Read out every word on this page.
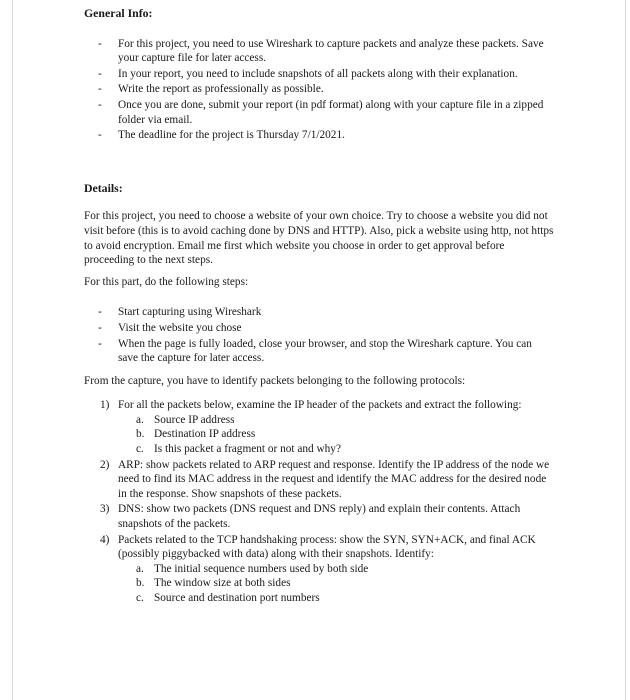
General Info:

- For this project, you need to use Wireshark to capture packets and analyze these packets. Save your capture file for later access.
- In your report, you need to include snapshots of all packets along with their explanation.
- Write the report as professionally as possible.
- Once you are done, submit your report (in pdf format) along with your capture file in a zipped folder via email.
- The deadline for the project is Thursday 7/1/2021.

Details:

For this project, you need to choose a website of your own choice. Try to choose a website you did not visit before (this is to avoid caching done by DNS and HTTP). Also, pick a website using http, not https to avoid encryption. Email me first which website you choose in order to get approval before proceeding to the next steps.

For this part, do the following steps:

- Start capturing using Wireshark
- Visit the website you chose
- When the page is fully loaded, close your browser, and stop the Wireshark capture. You can save the capture for later access.

From the capture, you have to identify packets belonging to the following protocols:

1) For all the packets below, examine the IP header of the packets and extract the following:
a. Source IP address
b. Destination IP address
c. Is this packet a fragment or not and why?
2) ARP: show packets related to ARP request and response. Identify the IP address of the node we need to find its MAC address in the request and identify the MAC address for the desired node in the response. Show snapshots of these packets.
3) DNS: show two packets (DNS request and DNS reply) and explain their contents. Attach snapshots of the packets.
4) Packets related to the TCP handshaking process: show the SYN, SYN+ACK, and final ACK (possibly piggybacked with data) along with their snapshots. Identify:
a. The initial sequence numbers used by both side
b. The window size at both sides
c. Source and destination port numbers
